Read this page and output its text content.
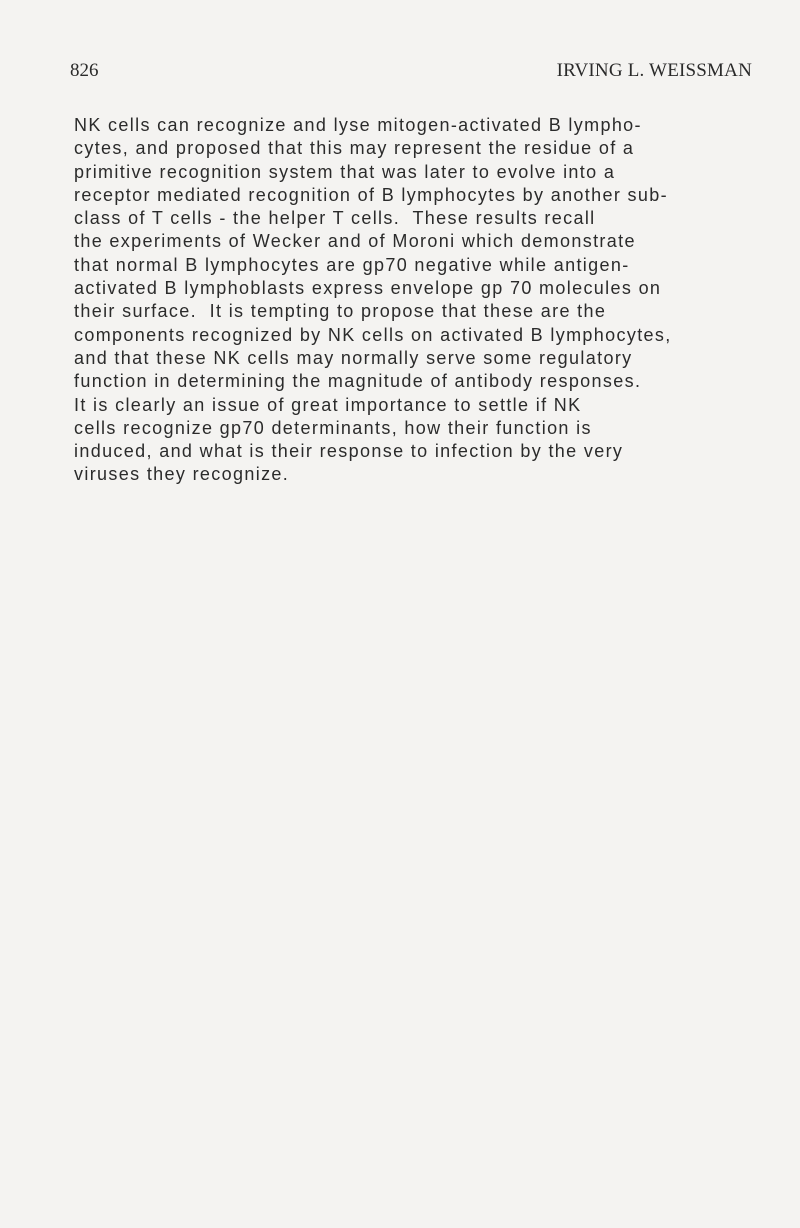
826	IRVING L. WEISSMAN
NK cells can recognize and lyse mitogen-activated B lympho-
cytes, and proposed that this may represent the residue of a
primitive recognition system that was later to evolve into a
receptor mediated recognition of B lymphocytes by another sub-
class of T cells - the helper T cells.  These results recall
the experiments of Wecker and of Moroni which demonstrate
that normal B lymphocytes are gp70 negative while antigen-
activated B lymphoblasts express envelope gp 70 molecules on
their surface.  It is tempting to propose that these are the
components recognized by NK cells on activated B lymphocytes,
and that these NK cells may normally serve some regulatory
function in determining the magnitude of antibody responses.
It is clearly an issue of great importance to settle if NK
cells recognize gp70 determinants, how their function is
induced, and what is their response to infection by the very
viruses they recognize.
